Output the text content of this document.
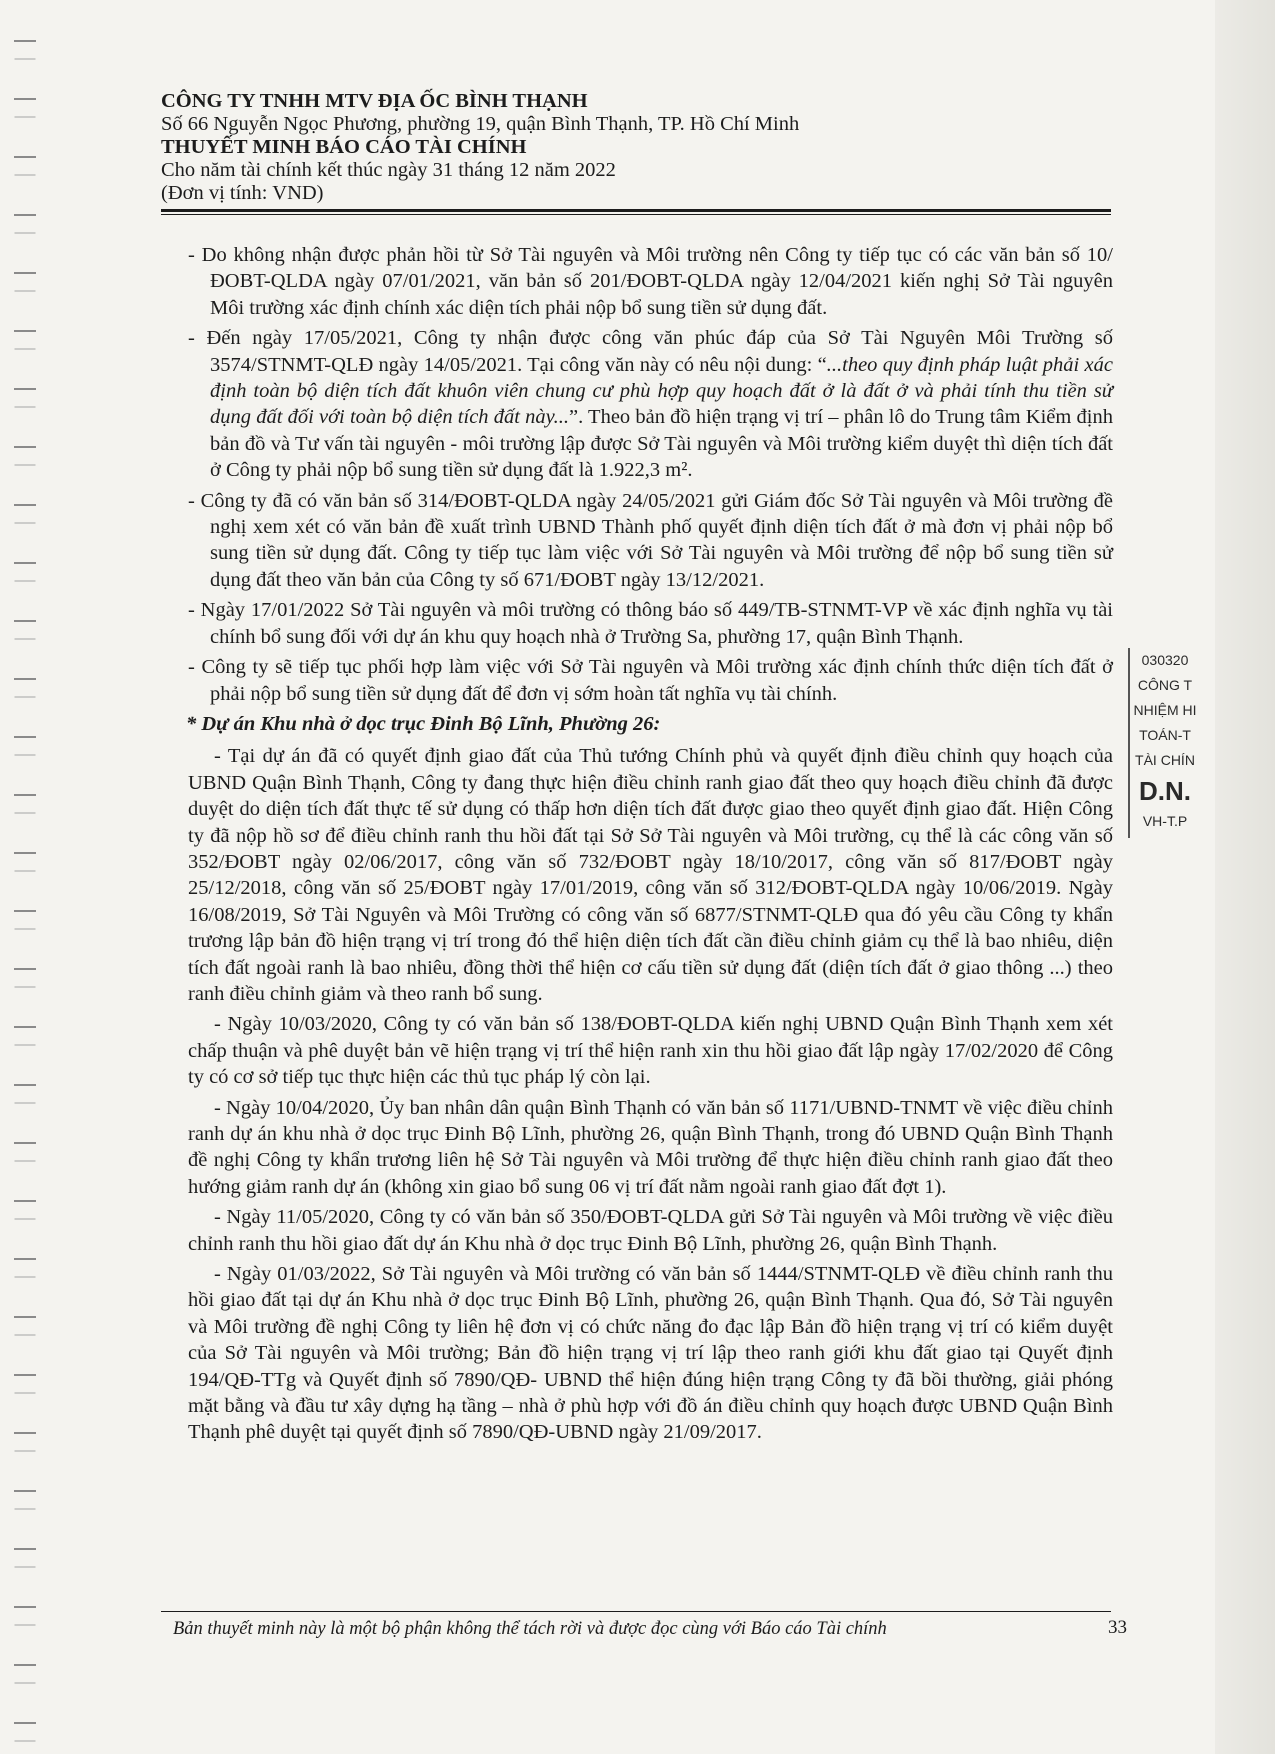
CÔNG TY TNHH MTV ĐỊA ỐC BÌNH THẠNH
Số 66 Nguyễn Ngọc Phương, phường 19, quận Bình Thạnh, TP. Hồ Chí Minh
THUYẾT MINH BÁO CÁO TÀI CHÍNH
Cho năm tài chính kết thúc ngày 31 tháng 12 năm 2022
(Đơn vị tính: VND)

- Do không nhận được phản hồi từ Sở Tài nguyên và Môi trường nên Công ty tiếp tục có các văn bản số 10/ĐOBT-QLDA ngày 07/01/2021, văn bản số 201/ĐOBT-QLDA ngày 12/04/2021 kiến nghị Sở Tài nguyên Môi trường xác định chính xác diện tích phải nộp bổ sung tiền sử dụng đất.

- Đến ngày 17/05/2021, Công ty nhận được công văn phúc đáp của Sở Tài Nguyên Môi Trường số 3574/STNMT-QLĐ ngày 14/05/2021. Tại công văn này có nêu nội dung: “...theo quy định pháp luật phải xác định toàn bộ diện tích đất khuôn viên chung cư phù hợp quy hoạch đất ở là đất ở và phải tính thu tiền sử dụng đất đối với toàn bộ diện tích đất này...”. Theo bản đồ hiện trạng vị trí – phân lô do Trung tâm Kiểm định bản đồ và Tư vấn tài nguyên - môi trường lập được Sở Tài nguyên và Môi trường kiểm duyệt thì diện tích đất ở Công ty phải nộp bổ sung tiền sử dụng đất là 1.922,3 m².

- Công ty đã có văn bản số 314/ĐOBT-QLDA ngày 24/05/2021 gửi Giám đốc Sở Tài nguyên và Môi trường đề nghị xem xét có văn bản đề xuất trình UBND Thành phố quyết định diện tích đất ở mà đơn vị phải nộp bổ sung tiền sử dụng đất. Công ty tiếp tục làm việc với Sở Tài nguyên và Môi trường để nộp bổ sung tiền sử dụng đất theo văn bản của Công ty số 671/ĐOBT ngày 13/12/2021.

- Ngày 17/01/2022 Sở Tài nguyên và môi trường có thông báo số 449/TB-STNMT-VP về xác định nghĩa vụ tài chính bổ sung đối với dự án khu quy hoạch nhà ở Trường Sa, phường 17, quận Bình Thạnh.

- Công ty sẽ tiếp tục phối hợp làm việc với Sở Tài nguyên và Môi trường xác định chính thức diện tích đất ở phải nộp bổ sung tiền sử dụng đất để đơn vị sớm hoàn tất nghĩa vụ tài chính.

* Dự án Khu nhà ở dọc trục Đinh Bộ Lĩnh, Phường 26:

- Tại dự án đã có quyết định giao đất của Thủ tướng Chính phủ và quyết định điều chỉnh quy hoạch của UBND Quận Bình Thạnh, Công ty đang thực hiện điều chỉnh ranh giao đất theo quy hoạch điều chỉnh đã được duyệt do diện tích đất thực tế sử dụng có thấp hơn diện tích đất được giao theo quyết định giao đất. Hiện Công ty đã nộp hồ sơ để điều chỉnh ranh thu hồi đất tại Sở Sở Tài nguyên và Môi trường, cụ thể là các công văn số 352/ĐOBT ngày 02/06/2017, công văn số 732/ĐOBT ngày 18/10/2017, công văn số 817/ĐOBT ngày 25/12/2018, công văn số 25/ĐOBT ngày 17/01/2019, công văn số 312/ĐOBT-QLDA ngày 10/06/2019. Ngày 16/08/2019, Sở Tài Nguyên và Môi Trường có công văn số 6877/STNMT-QLĐ qua đó yêu cầu Công ty khẩn trương lập bản đồ hiện trạng vị trí trong đó thể hiện diện tích đất cần điều chỉnh giảm cụ thể là bao nhiêu, diện tích đất ngoài ranh là bao nhiêu, đồng thời thể hiện cơ cấu tiền sử dụng đất (diện tích đất ở giao thông ...) theo ranh điều chỉnh giảm và theo ranh bổ sung.

- Ngày 10/03/2020, Công ty có văn bản số 138/ĐOBT-QLDA kiến nghị UBND Quận Bình Thạnh xem xét chấp thuận và phê duyệt bản vẽ hiện trạng vị trí thể hiện ranh xin thu hồi giao đất lập ngày 17/02/2020 để Công ty có cơ sở tiếp tục thực hiện các thủ tục pháp lý còn lại.

- Ngày 10/04/2020, Ủy ban nhân dân quận Bình Thạnh có văn bản số 1171/UBND-TNMT về việc điều chỉnh ranh dự án khu nhà ở dọc trục Đinh Bộ Lĩnh, phường 26, quận Bình Thạnh, trong đó UBND Quận Bình Thạnh đề nghị Công ty khẩn trương liên hệ Sở Tài nguyên và Môi trường để thực hiện điều chỉnh ranh giao đất theo hướng giảm ranh dự án (không xin giao bổ sung 06 vị trí đất nằm ngoài ranh giao đất đợt 1).

- Ngày 11/05/2020, Công ty có văn bản số 350/ĐOBT-QLDA gửi Sở Tài nguyên và Môi trường về việc điều chỉnh ranh thu hồi giao đất dự án Khu nhà ở dọc trục Đinh Bộ Lĩnh, phường 26, quận Bình Thạnh.

- Ngày 01/03/2022, Sở Tài nguyên và Môi trường có văn bản số 1444/STNMT-QLĐ về điều chỉnh ranh thu hồi giao đất tại dự án Khu nhà ở dọc trục Đinh Bộ Lĩnh, phường 26, quận Bình Thạnh. Qua đó, Sở Tài nguyên và Môi trường đề nghị Công ty liên hệ đơn vị có chức năng đo đạc lập Bản đồ hiện trạng vị trí có kiểm duyệt của Sở Tài nguyên và Môi trường; Bản đồ hiện trạng vị trí lập theo ranh giới khu đất giao tại Quyết định 194/QĐ-TTg và Quyết định số 7890/QĐ- UBND thể hiện đúng hiện trạng Công ty đã bồi thường, giải phóng mặt bằng và đầu tư xây dựng hạ tầng – nhà ở phù hợp với đồ án điều chỉnh quy hoạch được UBND Quận Bình Thạnh phê duyệt tại quyết định số 7890/QĐ-UBND ngày 21/09/2017.

030320
CÔNG T
NHIỆM HI
TOÁN-T
TÀI CHÍN
D.N.
VH-T.P
Bản thuyết minh này là một bộ phận không thể tách rời và được đọc cùng với Báo cáo Tài chính	33
